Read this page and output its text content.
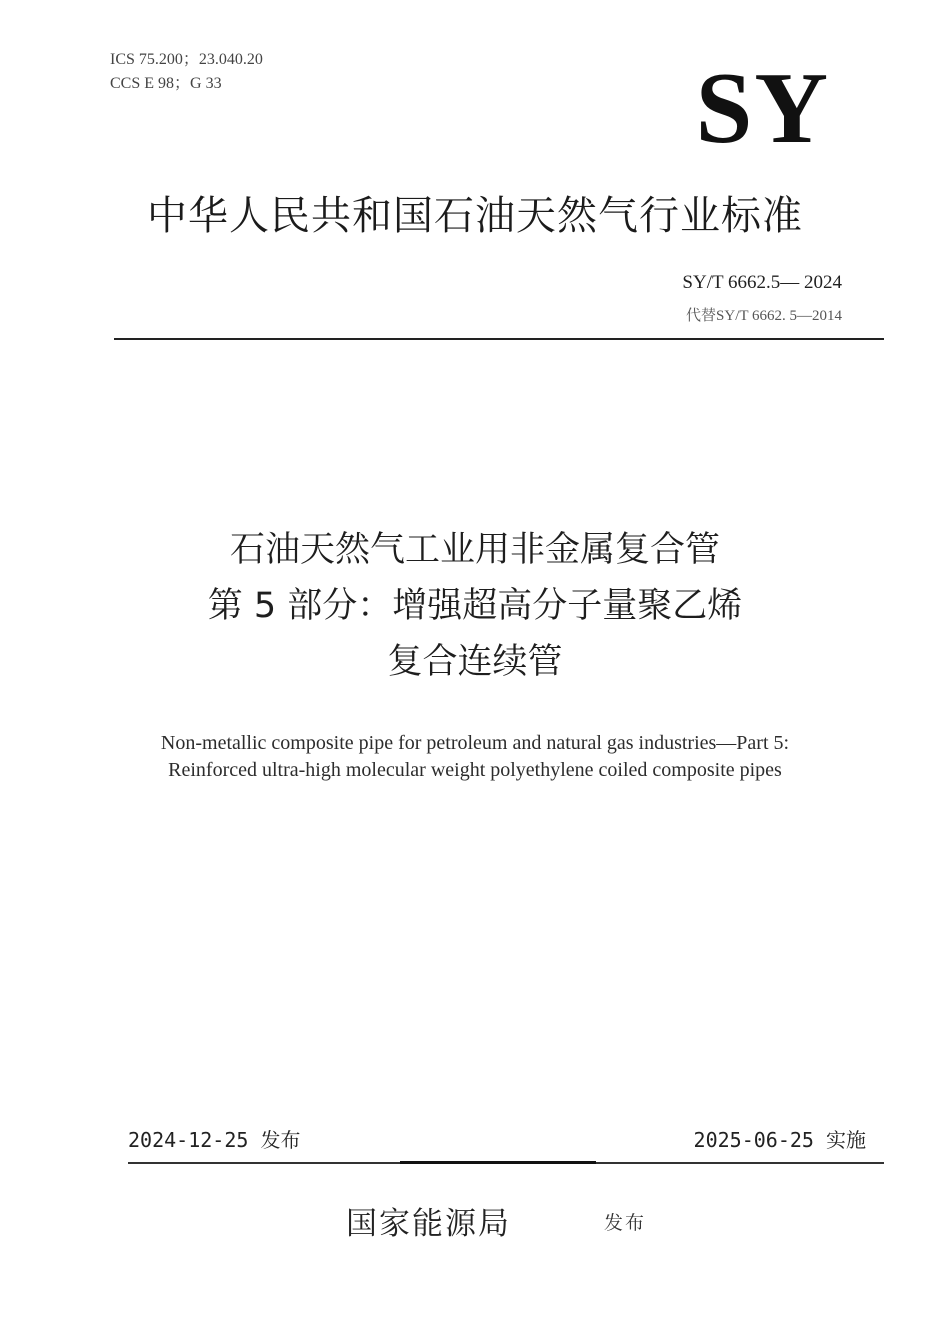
ICS 75.200；23.040.20
CCS E 98；G 33	SY
中华人民共和国石油天然气行业标准
SY/T 6662.5— 2024
代替SY/T 6662. 5—2014
石油天然气工业用非金属复合管
第 5 部分：增强超高分子量聚乙烯
复合连续管
Non-metallic composite pipe for petroleum and natural gas industries—Part 5:
Reinforced ultra-high molecular weight polyethylene coiled composite pipes
2024-12-25 发布	2025-06-25 实施
国家能源局	发布
